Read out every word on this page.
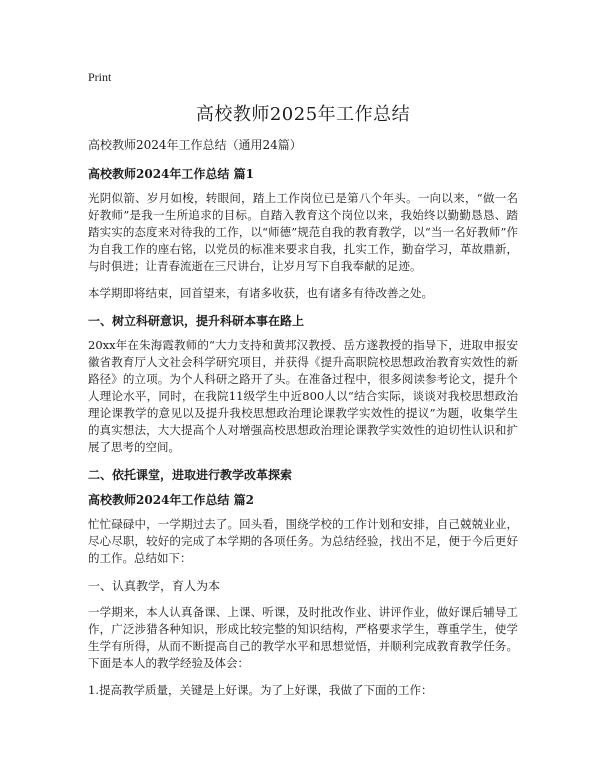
Print
高校教师2025年工作总结
高校教师2024年工作总结（通用24篇）
高校教师2024年工作总结 篇1
光阴似箭、岁月如梭，转眼间，踏上工作岗位已是第八个年头。一向以来，“做一名好教师”是我一生所追求的目标。自踏入教育这个岗位以来，我始终以勤勤恳恳、踏踏实实的态度来对待我的工作，以“师德”规范自我的教育教学，以“当一名好教师”作为自我工作的座右铭，以党员的标准来要求自我，扎实工作，勤奋学习，革故鼎新，与时俱进；让青春流逝在三尺讲台，让岁月写下自我奉献的足迹。
本学期即将结束，回首望来，有诸多收获，也有诸多有待改善之处。
一、树立科研意识，提升科研本事在路上
20xx年在朱海霞教师的“大力支持和黄邦汉教授、岳方遂教授的指导下，进取申报安徽省教育厅人文社会科学研究项目，并获得《提升高职院校思想政治教育实效性的新路径》的立项。为个人科研之路开了头。在准备过程中，很多阅读参考论文，提升个人理论水平，同时，在我院11级学生中近800人以“结合实际，谈谈对我校思想政治理论课教学的意见以及提升我校思想政治理论课教学实效性的提议”为题，收集学生的真实想法，大大提高个人对增强高校思想政治理论课教学实效性的迫切性认识和扩展了思考的空间。
二、依托课堂，进取进行教学改革探索
高校教师2024年工作总结 篇2
忙忙碌碌中，一学期过去了。回头看，围绕学校的工作计划和安排，自己兢兢业业，尽心尽职，较好的完成了本学期的各项任务。为总结经验，找出不足，便于今后更好的工作。总结如下：
一、认真教学，育人为本
一学期来，本人认真备课、上课、听课，及时批改作业、讲评作业，做好课后辅导工作，广泛涉猎各种知识，形成比较完整的知识结构，严格要求学生，尊重学生，使学生学有所得，从而不断提高自己的教学水平和思想觉悟，并顺利完成教育教学任务。下面是本人的教学经验及体会：
1.提高教学质量，关键是上好课。为了上好课，我做了下面的工作：
